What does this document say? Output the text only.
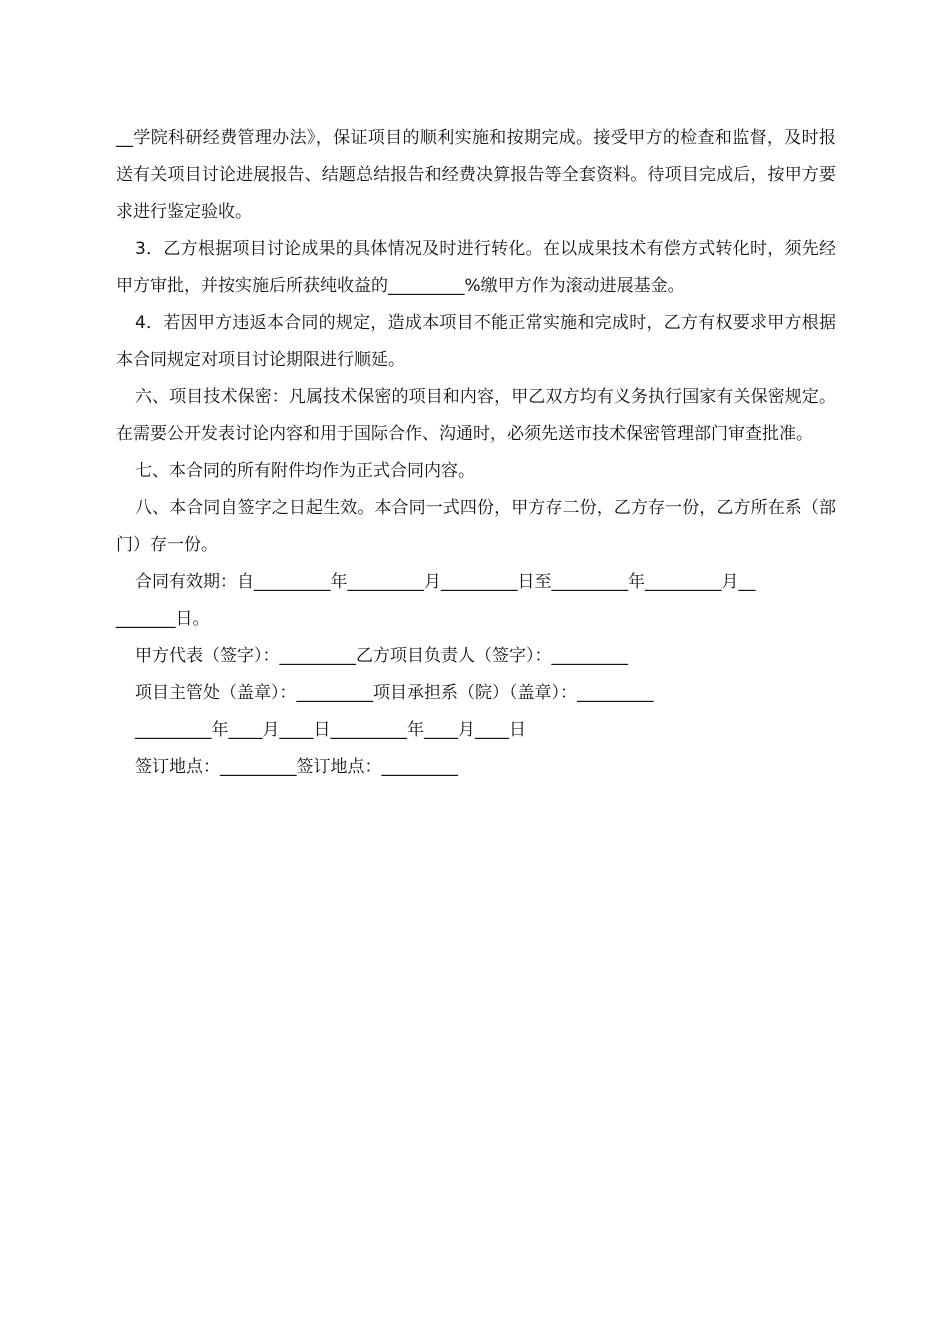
__学院科研经费管理办法》，保证项目的顺利实施和按期完成。接受甲方的检查和监督，及时报送有关项目讨论进展报告、结题总结报告和经费决算报告等全套资料。待项目完成后，按甲方要求进行鉴定验收。

3．乙方根据项目讨论成果的具体情况及时进行转化。在以成果技术有偿方式转化时，须先经甲方审批，并按实施后所获纯收益的_________%缴甲方作为滚动进展基金。

4．若因甲方违返本合同的规定，造成本项目不能正常实施和完成时，乙方有权要求甲方根据本合同规定对项目讨论期限进行顺延。

六、项目技术保密：凡属技术保密的项目和内容，甲乙双方均有义务执行国家有关保密规定。在需要公开发表讨论内容和用于国际合作、沟通时，必须先送市技术保密管理部门审查批准。

七、本合同的所有附件均作为正式合同内容。

八、本合同自签字之日起生效。本合同一式四份，甲方存二份，乙方存一份，乙方所在系（部门）存一份。

合同有效期：自_________年_________月_________日至_________年_________月__

_______日。

甲方代表（签字）：_________乙方项目负责人（签字）：_________

项目主管处（盖章）：_________项目承担系（院）（盖章）：_________

_________年____月____日_________年____月____日

签订地点：_________签订地点：_________
